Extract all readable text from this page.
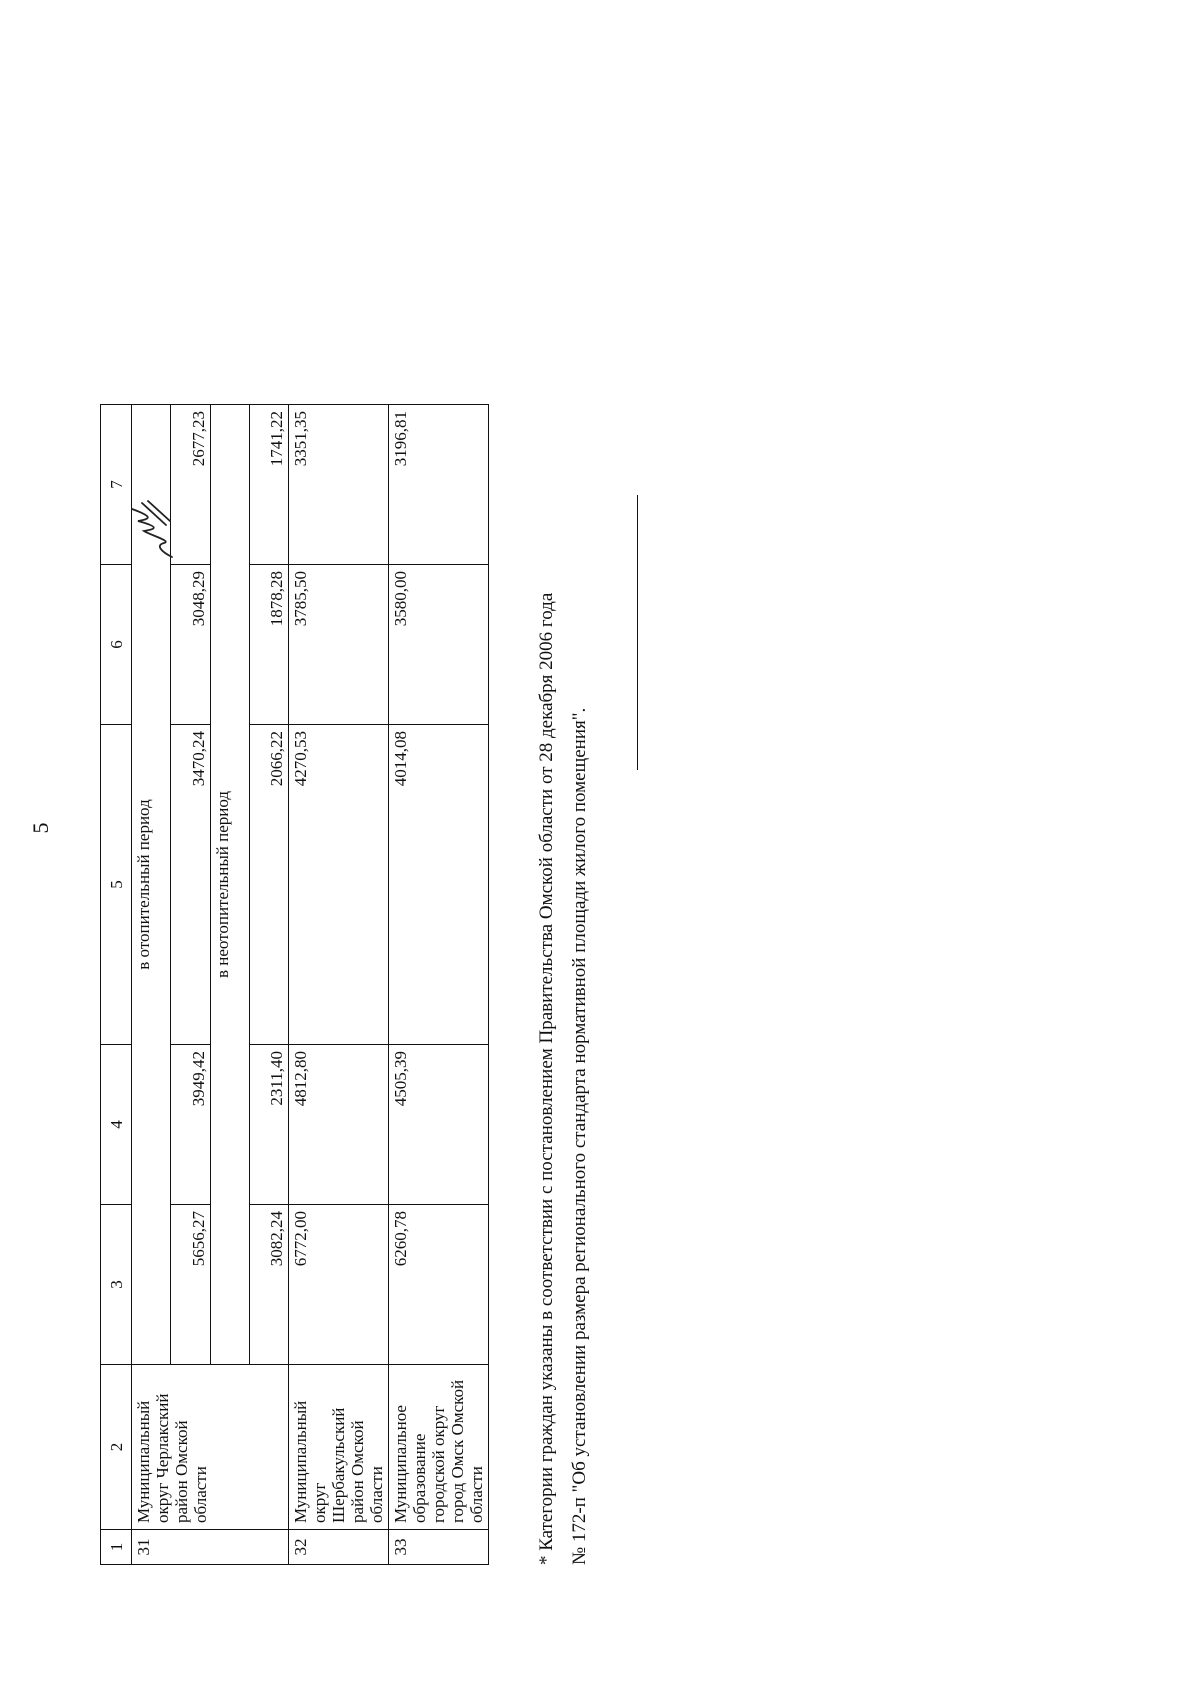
5
1	2	3	4	5	6	7
31	Муниципальный округ Черлакский район Омской области	в отопительный период				
		5656,27	3949,42	3470,24	3048,29	2677,23
		в неотопительный период				
		3082,24	2311,40	2066,22	1878,28	1741,22
32	Муниципальный округ Шербакульский район Омской области	6772,00	4812,80	4270,53	3785,50	3351,35
33	Муниципальное образование городской округ город Омск Омской области	6260,78	4505,39	4014,08	3580,00	3196,81

* Категории граждан указаны в соответствии с постановлением Правительства Омской области от 28 декабря 2006 года № 172-п "Об установлении размера регионального стандарта нормативной площади жилого помещения".
